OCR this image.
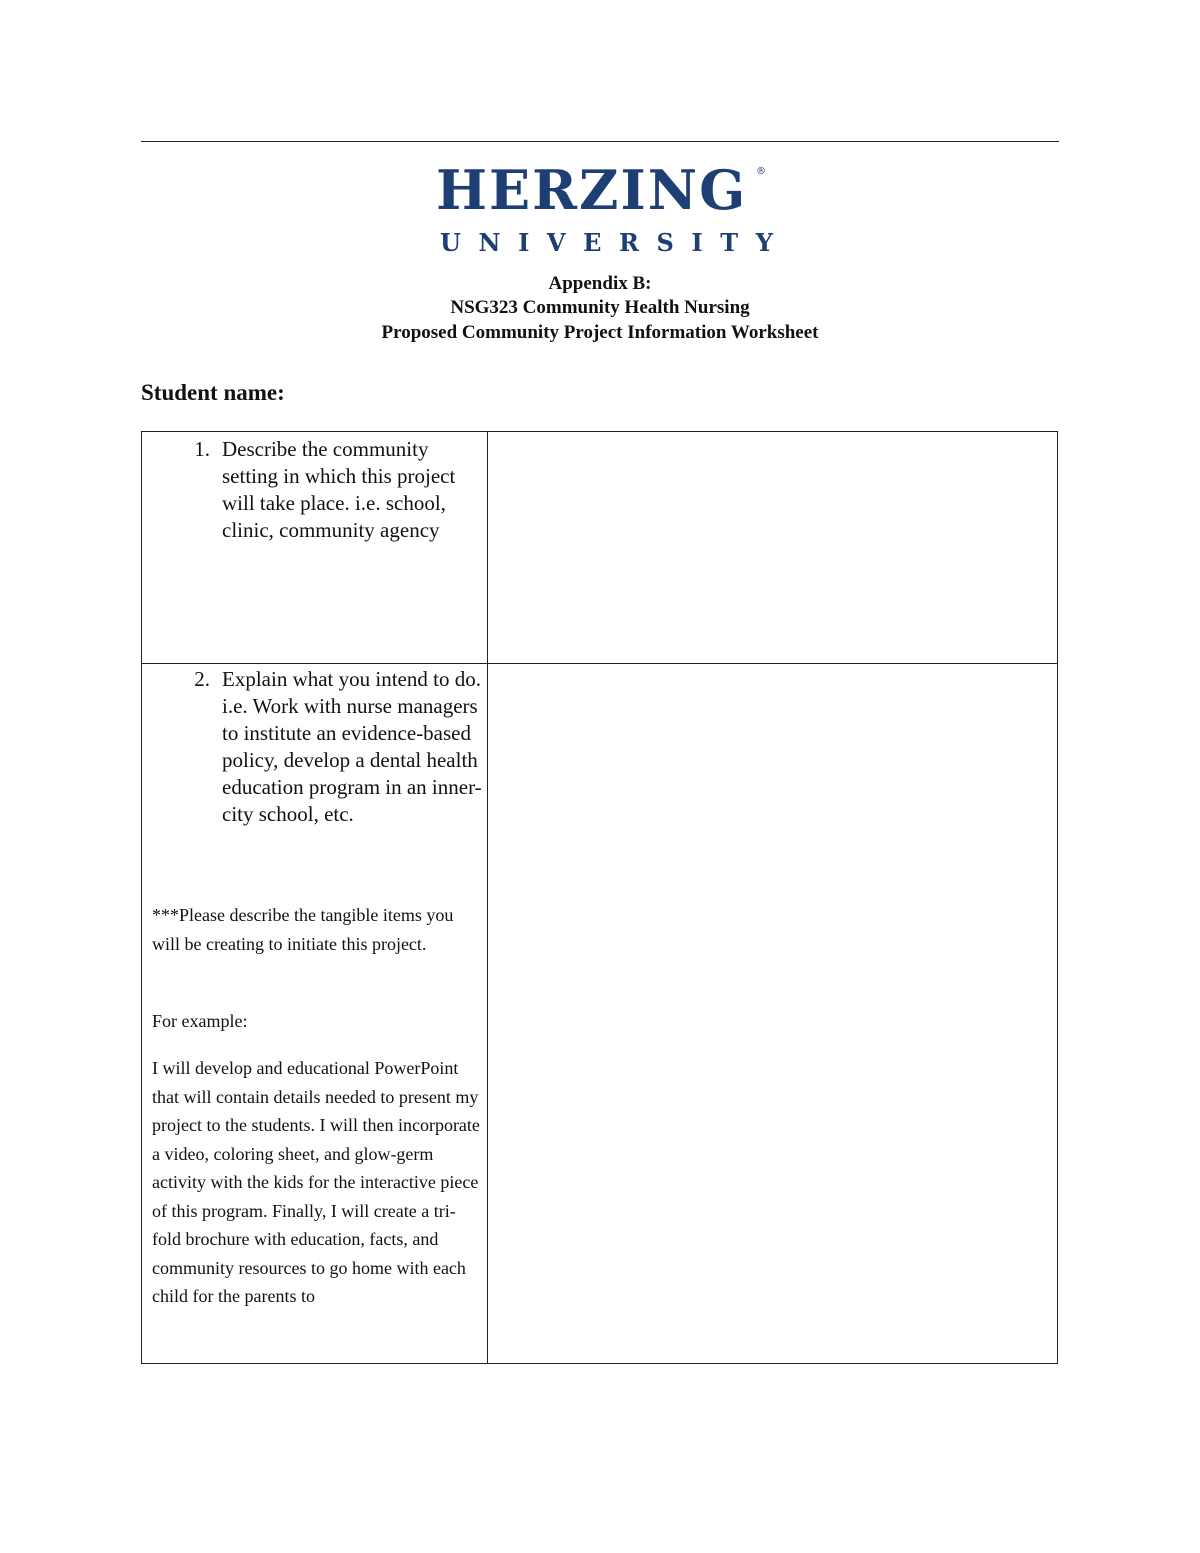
HERZING ®
UNIVERSITY
Appendix B:
NSG323 Community Health Nursing
Proposed Community Project Information Worksheet
Student name:
1. Describe the community setting in which this project will take place. i.e. school, clinic, community agency
2. Explain what you intend to do. i.e. Work with nurse managers to institute an evidence-based policy, develop a dental health education program in an inner-city school, etc.
***Please describe the tangible items you will be creating to initiate this project.
For example:
I will develop and educational PowerPoint that will contain details needed to present my project to the students. I will then incorporate a video, coloring sheet, and glow-germ activity with the kids for the interactive piece of this program. Finally, I will create a tri-fold brochure with education, facts, and community resources to go home with each child for the parents to
